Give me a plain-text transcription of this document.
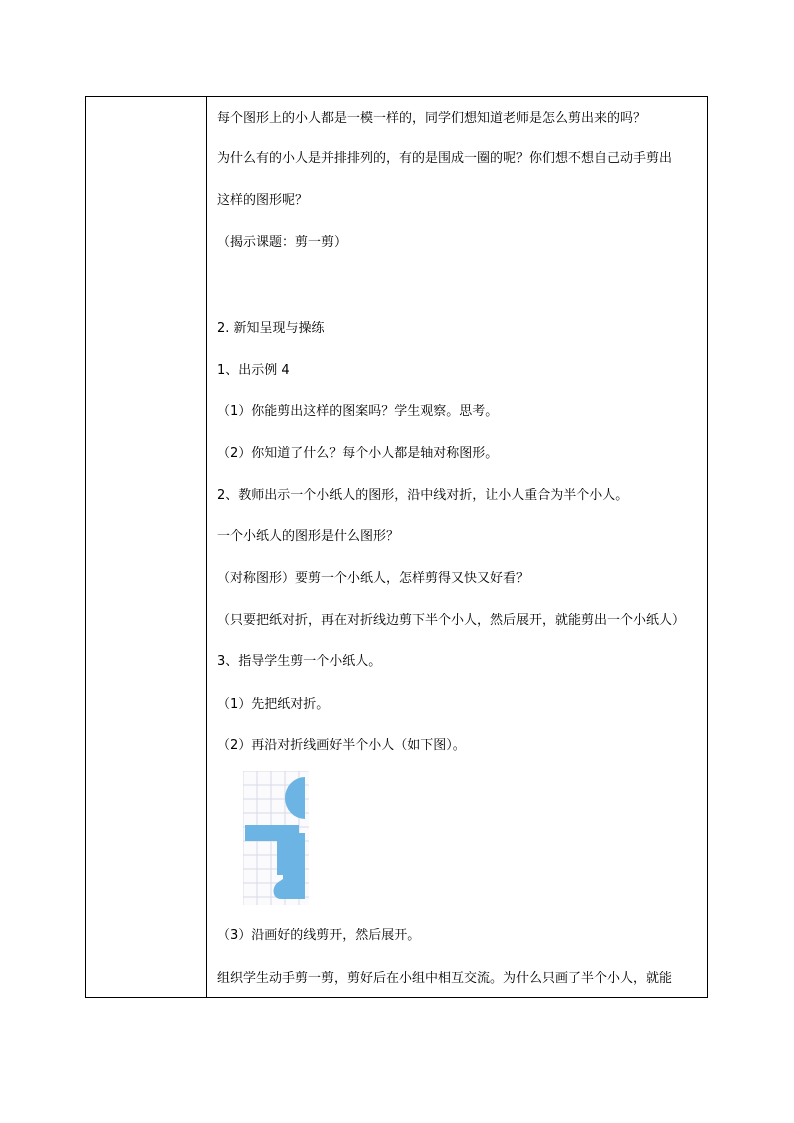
每个图形上的小人都是一模一样的，同学们想知道老师是怎么剪出来的吗？
为什么有的小人是并排排列的，有的是围成一圈的呢？你们想不想自己动手剪出
这样的图形呢？
（揭示课题：剪一剪）
2. 新知呈现与操练
1、出示例 4
（1）你能剪出这样的图案吗？学生观察。思考。
（2）你知道了什么？每个小人都是轴对称图形。
2、教师出示一个小纸人的图形，沿中线对折，让小人重合为半个小人。
一个小纸人的图形是什么图形？
（对称图形）要剪一个小纸人，怎样剪得又快又好看？
（只要把纸对折，再在对折线边剪下半个小人，然后展开，就能剪出一个小纸人）
3、指导学生剪一个小纸人。
（1）先把纸对折。
（2）再沿对折线画好半个小人（如下图）。
（3）沿画好的线剪开，然后展开。
组织学生动手剪一剪，剪好后在小组中相互交流。为什么只画了半个小人，就能
